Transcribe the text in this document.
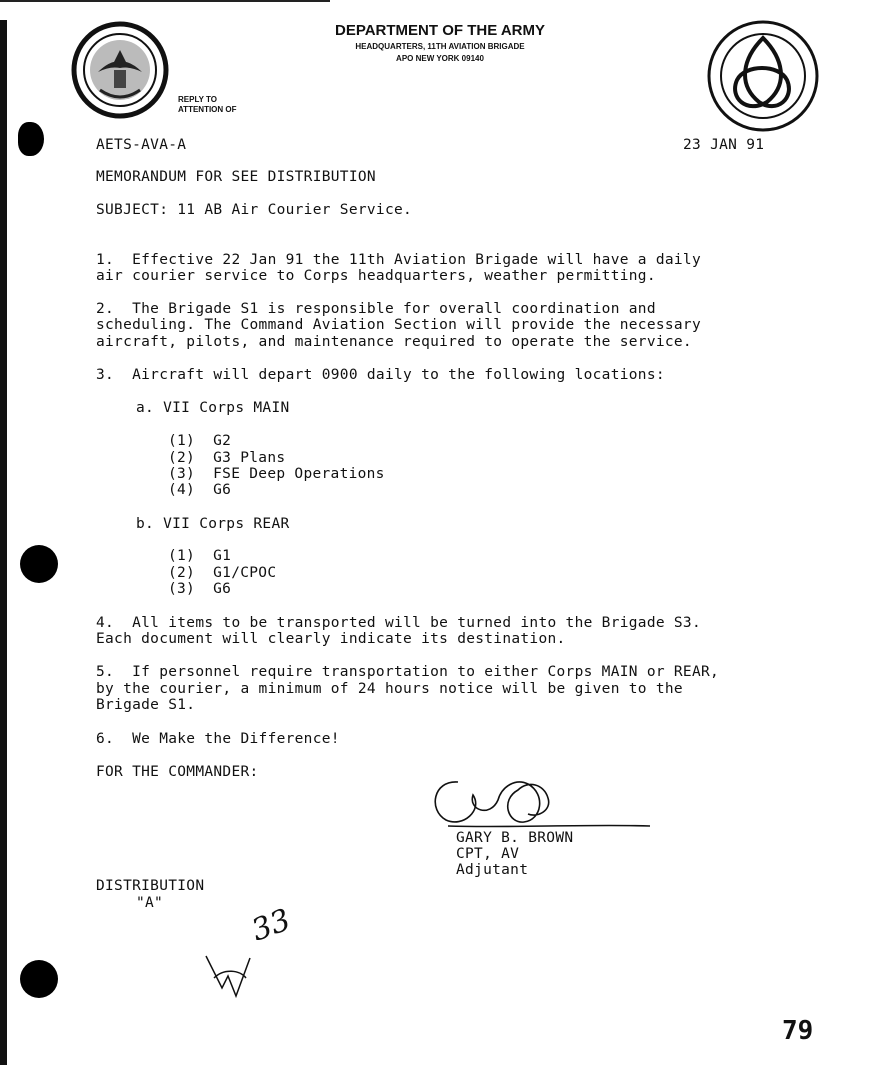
DEPARTMENT OF THE ARMY
HEADQUARTERS, 11TH AVIATION BRIGADE
APO NEW YORK 09140
REPLY TO
ATTENTION OF
AETS-AVA-A	23 JAN 91
MEMORANDUM FOR SEE DISTRIBUTION
SUBJECT: 11 AB Air Courier Service.
1.  Effective 22 Jan 91 the 11th Aviation Brigade will have a daily
air courier service to Corps headquarters, weather permitting.
2.  The Brigade S1 is responsible for overall coordination and
scheduling. The Command Aviation Section will provide the necessary
aircraft, pilots, and maintenance required to operate the service.
3.  Aircraft will depart 0900 daily to the following locations:
a. VII Corps MAIN
(1)  G2
(2)  G3 Plans
(3)  FSE Deep Operations
(4)  G6
b. VII Corps REAR
(1)  G1
(2)  G1/CPOC
(3)  G6
4.  All items to be transported will be turned into the Brigade S3.
Each document will clearly indicate its destination.
5.  If personnel require transportation to either Corps MAIN or REAR,
by the courier, a minimum of 24 hours notice will be given to the
Brigade S1.
6.  We Make the Difference!
FOR THE COMMANDER:
GARY B. BROWN
CPT, AV
Adjutant
DISTRIBUTION
"A"	33
79
